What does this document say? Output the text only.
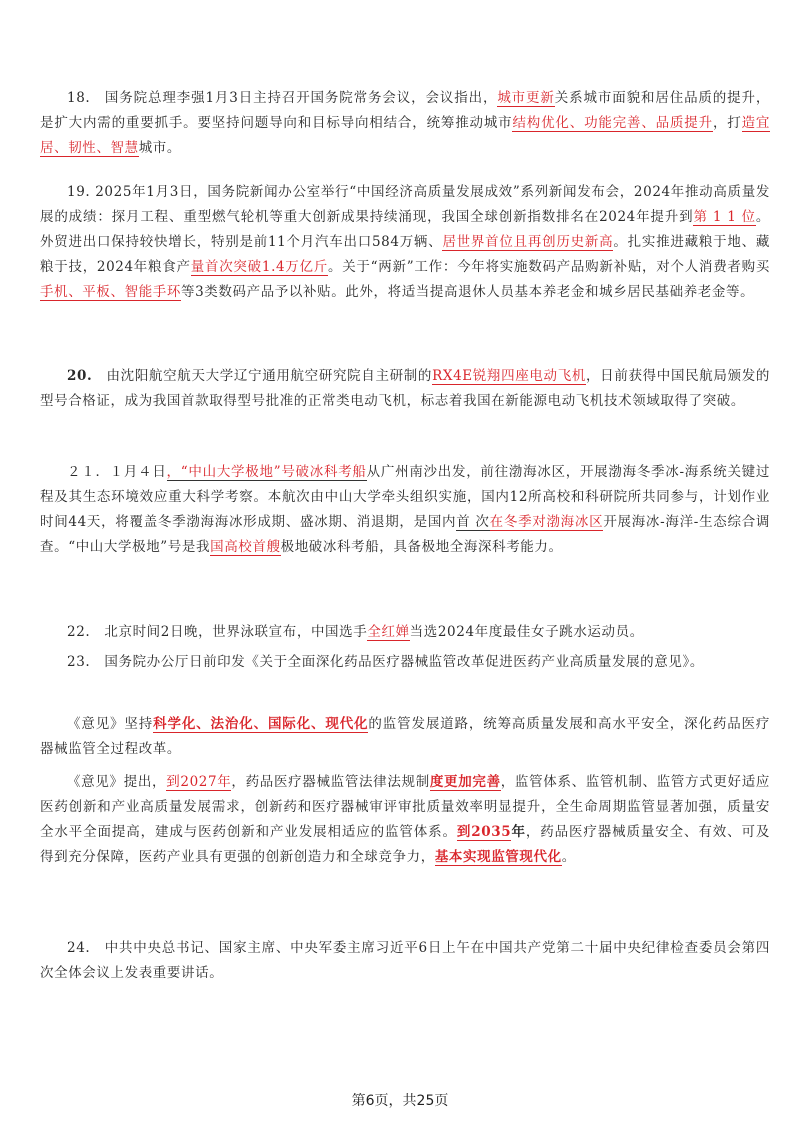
18.　国务院总理李强1月3日主持召开国务院常务会议，会议指出，城市更新关系城市面貌和居住品质的提升，是扩大内需的重要抓手。要坚持问题导向和目标导向相结合，统筹推动城市结构优化、功能完善、品质提升，打造宜居、韧性、智慧城市。

19. 2025年1月3日，国务院新闻办公室举行“中国经济高质量发展成效”系列新闻发布会，2024年推动高质量发展的成绩：探月工程、重型燃气轮机等重大创新成果持续涌现，我国全球创新指数排名在2024年提升到第 1 1 位。外贸进出口保持较快增长，特别是前11个月汽车出口584万辆、居世界首位且再创历史新高。扎实推进藏粮于地、藏粮于技，2024年粮食产量首次突破1.4万亿斤。关于“两新”工作：今年将实施数码产品购新补贴，对个人消费者购买手机、平板、智能手环等3类数码产品予以补贴。此外，将适当提高退休人员基本养老金和城乡居民基础养老金等。

20.　由沈阳航空航天大学辽宁通用航空研究院自主研制的RX4E锐翔四座电动飞机，日前获得中国民航局颁发的型号合格证，成为我国首款取得型号批准的正常类电动飞机，标志着我国在新能源电动飞机技术领域取得了突破。

２１．１月４日，“中山大学极地”号破冰科考船从广州南沙出发，前往渤海冰区，开展渤海冬季冰-海系统关键过程及其生态环境效应重大科学考察。本航次由中山大学牵头组织实施，国内12所高校和科研院所共同参与，计划作业时间44天，将覆盖冬季渤海海冰形成期、盛冰期、消退期，是国内首 次在冬季对渤海冰区开展海冰-海洋-生态综合调查。“中山大学极地”号是我国高校首艘极地破冰科考船，具备极地全海深科考能力。

22.　北京时间2日晚，世界泳联宣布，中国选手全红婵当选2024年度最佳女子跳水运动员。

23.　国务院办公厅日前印发《关于全面深化药品医疗器械监管改革促进医药产业高质量发展的意见》。

《意见》坚持科学化、法治化、国际化、现代化的监管发展道路，统筹高质量发展和高水平安全，深化药品医疗器械监管全过程改革。

《意见》提出，到2027年，药品医疗器械监管法律法规制度更加完善，监管体系、监管机制、监管方式更好适应医药创新和产业高质量发展需求，创新药和医疗器械审评审批质量效率明显提升，全生命周期监管显著加强，质量安全水平全面提高，建成与医药创新和产业发展相适应的监管体系。到2035年，药品医疗器械质量安全、有效、可及得到充分保障，医药产业具有更强的创新创造力和全球竞争力，基本实现监管现代化。

24.　中共中央总书记、国家主席、中央军委主席习近平6日上午在中国共产党第二十届中央纪律检查委员会第四次全体会议上发表重要讲话。

第6页，共25页
